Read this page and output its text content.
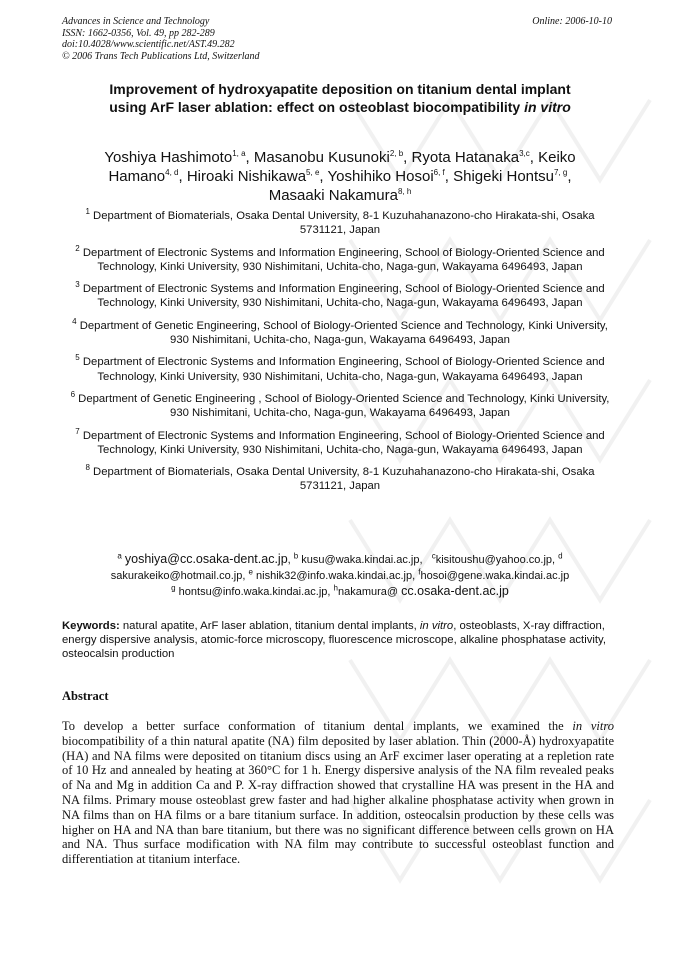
Advances in Science and Technology
ISSN: 1662-0356, Vol. 49, pp 282-289
doi:10.4028/www.scientific.net/AST.49.282
© 2006 Trans Tech Publications Ltd, Switzerland
Online: 2006-10-10
Improvement of hydroxyapatite deposition on titanium dental implant
using ArF laser ablation: effect on osteoblast biocompatibility in vitro
Yoshiya Hashimoto$^{1, a}$, Masanobu Kusunoki$^{2, b}$, Ryota Hatanaka$^{3,c}$, Keiko Hamano$^{4, d}$, Hiroaki Nishikawa$^{5, e}$, Yoshihiko Hosoi$^{6, f}$, Shigeki Hontsu$^{7, g}$,
Masaaki Nakamura$^{8, h}$
$^1$ Department of Biomaterials, Osaka Dental University, 8-1 Kuzuhahanazono-cho Hirakata-shi, Osaka 5731121, Japan
$^2$ Department of Electronic Systems and Information Engineering, School of Biology-Oriented Science and Technology, Kinki University, 930 Nishimitani, Uchita-cho, Naga-gun, Wakayama 6496493, Japan
$^3$ Department of Electronic Systems and Information Engineering, School of Biology-Oriented Science and Technology, Kinki University, 930 Nishimitani, Uchita-cho, Naga-gun, Wakayama 6496493, Japan
$^4$ Department of Genetic Engineering, School of Biology-Oriented Science and Technology, Kinki University, 930 Nishimitani, Uchita-cho, Naga-gun, Wakayama 6496493, Japan
$^5$ Department of Electronic Systems and Information Engineering, School of Biology-Oriented Science and Technology, Kinki University, 930 Nishimitani, Uchita-cho, Naga-gun, Wakayama 6496493, Japan
$^6$ Department of Genetic Engineering , School of Biology-Oriented Science and Technology, Kinki University, 930 Nishimitani, Uchita-cho, Naga-gun, Wakayama 6496493, Japan
$^7$ Department of Electronic Systems and Information Engineering, School of Biology-Oriented Science and Technology, Kinki University, 930 Nishimitani, Uchita-cho, Naga-gun, Wakayama 6496493, Japan
$^8$ Department of Biomaterials, Osaka Dental University, 8-1 Kuzuhahanazono-cho Hirakata-shi, Osaka 5731121, Japan
$^a$ yoshiya@cc.osaka-dent.ac.jp, $^b$ kusu@waka.kindai.ac.jp,   $^c$kisitoushu@yahoo.co.jp, $^d$
sakurakeiko@hotmail.co.jp, $^e$ nishik32@info.waka.kindai.ac.jp, $^f$hosoi@gene.waka.kindai.ac.jp
$^g$ hontsu@info.waka.kindai.ac.jp, $^h$nakamura@ cc.osaka-dent.ac.jp
Keywords: natural apatite, ArF laser ablation, titanium dental implants, in vitro, osteoblasts, X-ray diffraction, energy dispersive analysis, atomic-force microscopy, fluorescence microscope, alkaline phosphatase activity, osteocalsin production
Abstract
To develop a better surface conformation of titanium dental implants, we examined the in vitro biocompatibility of a thin natural apatite (NA) film deposited by laser ablation. Thin (2000-Å) hydroxyapatite (HA) and NA films were deposited on titanium discs using an ArF excimer laser operating at a repletion rate of 10 Hz and annealed by heating at 360°C for 1 h. Energy dispersive analysis of the NA film revealed peaks of Na and Mg in addition Ca and P. X-ray diffraction showed that crystalline HA was present in the HA and NA films. Primary mouse osteoblast grew faster and had higher alkaline phosphatase activity when grown in NA films than on HA films or a bare titanium surface. In addition, osteocalsin production by these cells was higher on HA and NA than bare titanium, but there was no significant difference between cells grown on HA and NA. Thus surface modification with NA film may contribute to successful osteoblast function and differentiation at titanium interface.
